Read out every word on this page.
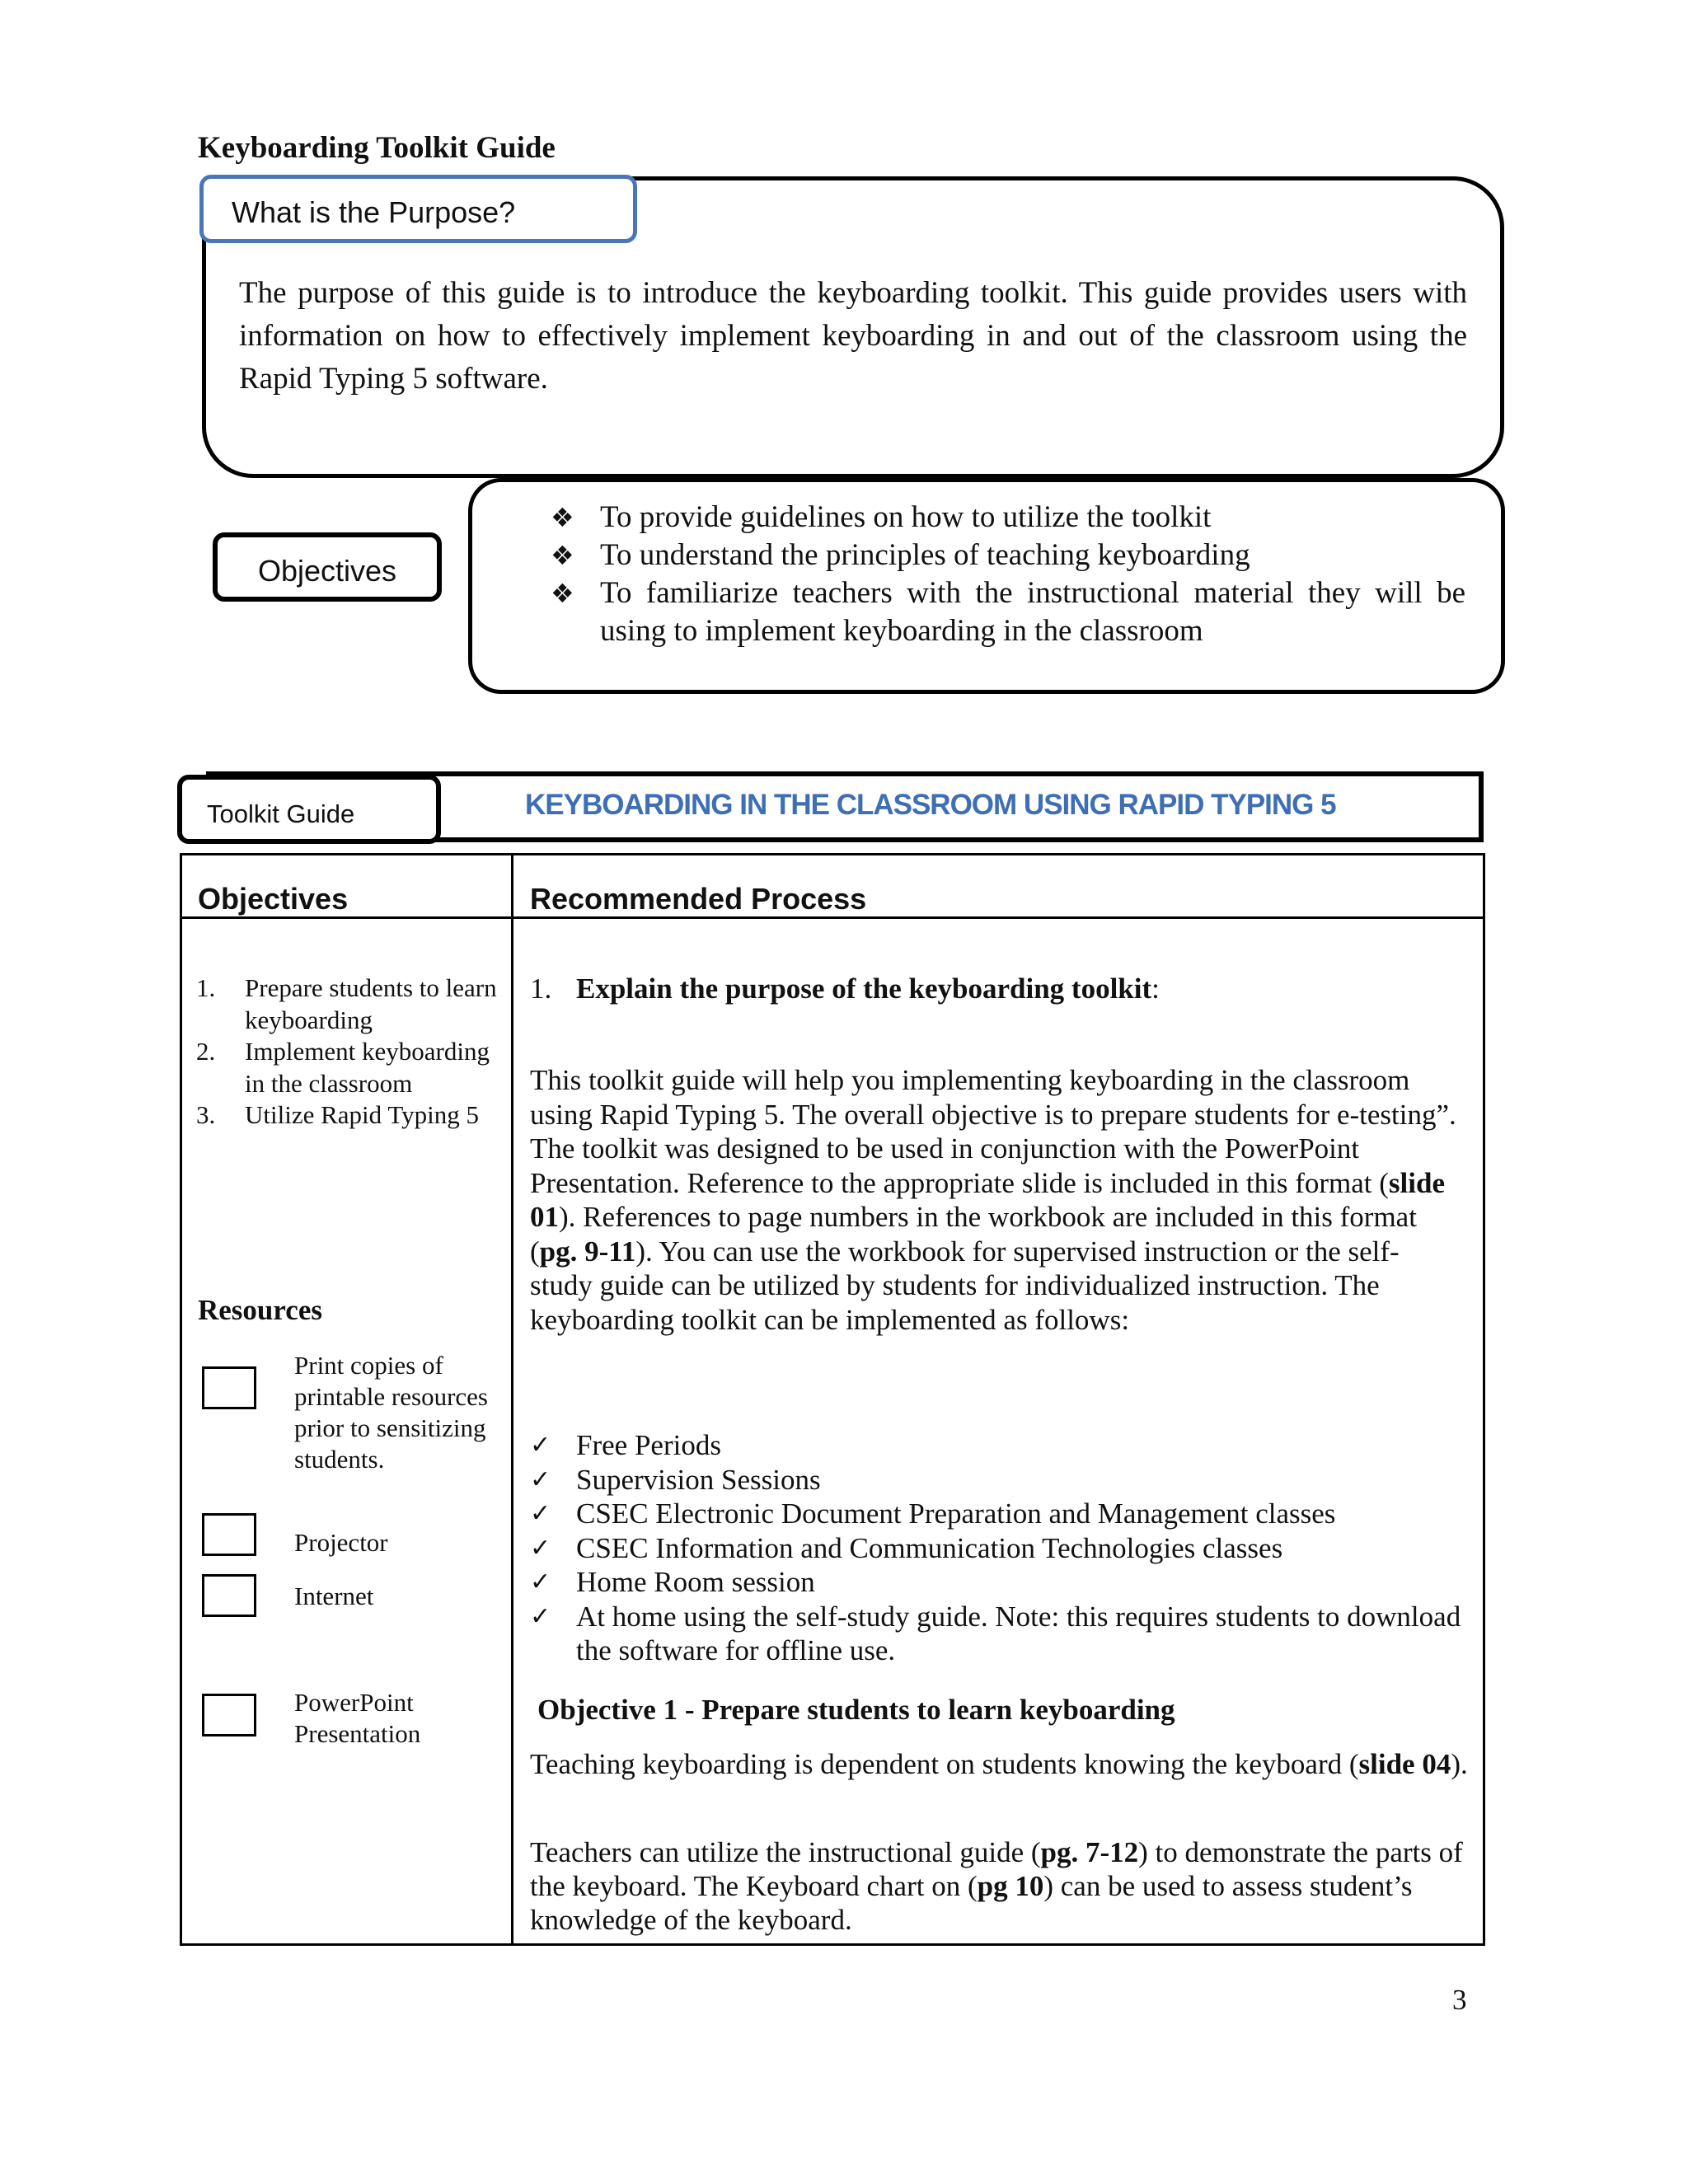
Keyboarding Toolkit Guide
What is the Purpose?
The purpose of this guide is to introduce the keyboarding toolkit. This guide provides users with information on how to effectively implement keyboarding in and out of the classroom using the Rapid Typing 5 software.
Objectives
❖ To provide guidelines on how to utilize the toolkit
❖ To understand the principles of teaching keyboarding
❖ To familiarize teachers with the instructional material they will be using to implement keyboarding in the classroom
Toolkit Guide	KEYBOARDING IN THE CLASSROOM USING RAPID TYPING 5
Objectives	Recommended Process
1. Prepare students to learn keyboarding
2. Implement keyboarding in the classroom
3. Utilize Rapid Typing 5
Resources
Print copies of printable resources prior to sensitizing students.
Projector
Internet
PowerPoint Presentation
1. Explain the purpose of the keyboarding toolkit:
This toolkit guide will help you implementing keyboarding in the classroom using Rapid Typing 5. The overall objective is to prepare students for e-testing”. The toolkit was designed to be used in conjunction with the PowerPoint Presentation. Reference to the appropriate slide is included in this format (slide 01). References to page numbers in the workbook are included in this format (pg. 9-11). You can use the workbook for supervised instruction or the self-study guide can be utilized by students for individualized instruction. The keyboarding toolkit can be implemented as follows:
✓ Free Periods
✓ Supervision Sessions
✓ CSEC Electronic Document Preparation and Management classes
✓ CSEC Information and Communication Technologies classes
✓ Home Room session
✓ At home using the self-study guide. Note: this requires students to download the software for offline use.
Objective 1 - Prepare students to learn keyboarding
Teaching keyboarding is dependent on students knowing the keyboard (slide 04).
Teachers can utilize the instructional guide (pg. 7-12) to demonstrate the parts of the keyboard. The Keyboard chart on (pg 10) can be used to assess student’s knowledge of the keyboard.
3
